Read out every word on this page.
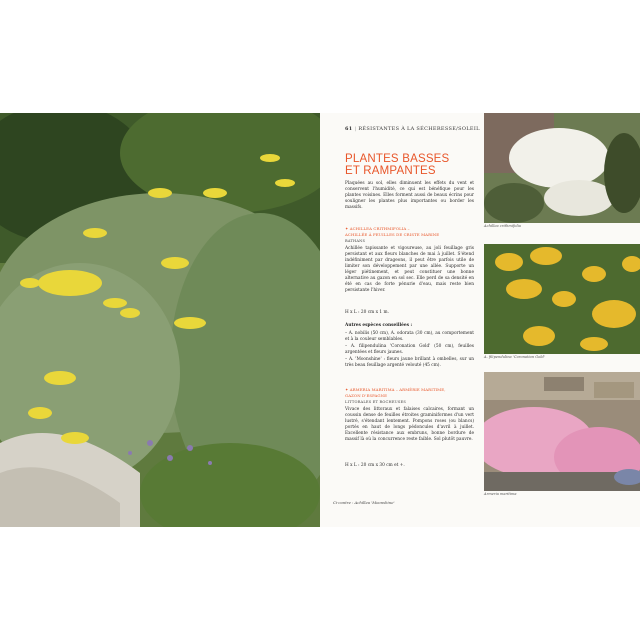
Achillea crithmifolia
A. filipendulina 'Coronation Gold'
Armeria maritima
61 | RÉSISTANTES À LA SÉCHERESSE/SOLEIL
PLANTES BASSES
ET RAMPANTES
Plaquées au sol, elles diminuent les effets du vent et conservent l'humidité, ce qui est bénéfique pour les plantes voisines. Elles forment aussi de beaux écrins pour souligner les plantes plus importantes ou border les massifs.
✦ ACHILLEA CRITHMIFOLIA –
ACHILLÉE À FEUILLES DE CRISTE MARINE
BATHANS
Achillée tapissante et vigoureuse, au joli feuillage gris persistant et aux fleurs blanches de mai à juillet. S'étend indéfiniment par drageons, il peut être parfois utile de limiter son développement par une allée. Supporte un léger piétinement, et peut constituer une bonne alternative au gazon en sol sec. Elle perd de sa densité en été en cas de forte pénurie d'eau, mais reste bien persistante l'hiver.
H x L : 20 cm x 1 m.
Autres espèces conseillées :
– A. nobilis (50 cm), A. odorata (30 cm), au comportement et à la couleur semblables.
– A. filipendulina 'Coronation Gold' (50 cm), feuilles argentées et fleurs jaunes.
– A. 'Moonshine' : fleurs jaune brillant à ombelles, sur un très beau feuillage argenté velouté (45 cm).
✦ ARMERIA MARITIMA – ARMÉRIE MARITIME,
GAZON D'ESPAGNE
LITTORALES ET ROCHEUSES
Vivace des littoraux et falaises calcaires, formant un coussin dense de feuilles étroites graminiformes d'un vert lustré, s'étendant lentement. Pompons roses (ou blancs) portés en haut de longs pédoncules d'avril à juillet. Excellente résistance aux embruns, bonne bordure de massif là où la concurrence reste faible. Sol plutôt pauvre.
H x L : 20 cm x 30 cm et +.
Ci-contre : Achillea 'Moonshine'
